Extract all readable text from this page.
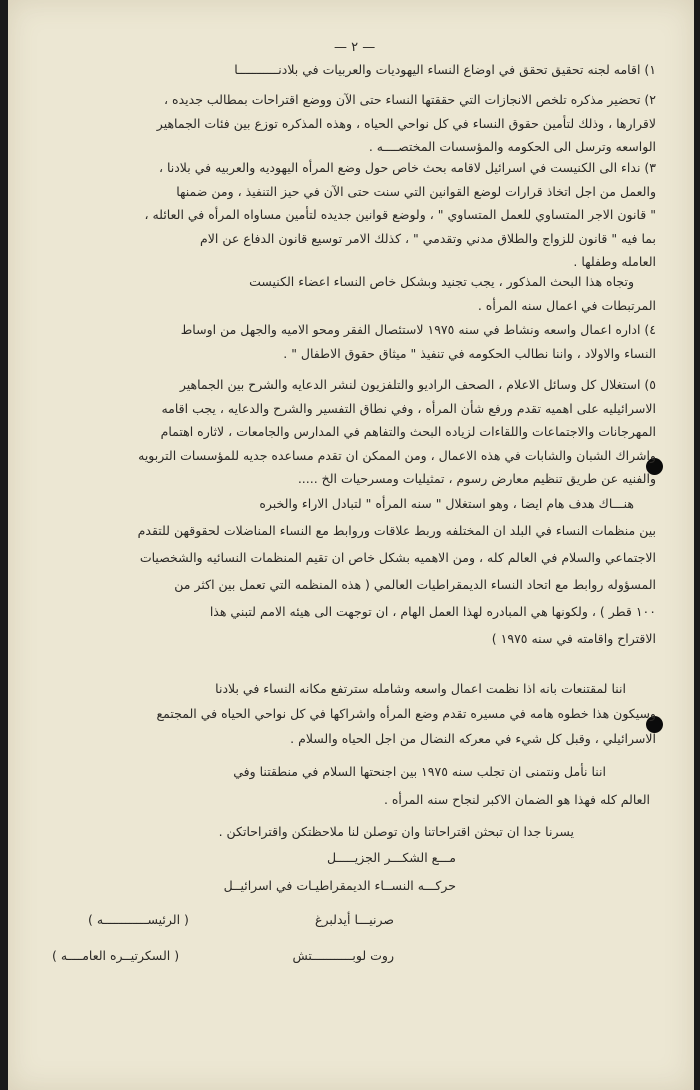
— ٢ —
١) اقامه لجنه تحقيق تحقق في اوضاع النساء اليهوديات والعربيات في بلادنـــــــــــا
٢) تحضير مذكره تلخص الانجازات التي حققتها النساء حتى الآن ووضع اقتراحات بمطالب جديده ،
لاقرارها ، وذلك لتأمين حقوق النساء في كل نواحي الحياه ، وهذه المذكره توزع بين فئات الجماهير
الواسعه وترسل الى الحكومه والمؤسسات المختصــــه .
٣) نداء الى الكنيست في اسرائيل لاقامه بحث خاص حول وضع المرأه اليهوديه والعربيه في بلادنا ،
والعمل من اجل اتخاذ قرارات لوضع القوانين التي سنت حتى الآن في حيز التنفيذ ، ومن ضمنها
" قانون الاجر المتساوي للعمل المتساوي " ، ولوضع قوانين جديده لتأمين مساواه المرأه في العائله ،
بما فيه " قانون للزواج والطلاق مدني وتقدمي " ، كذلك الامر توسيع قانون الدفاع عن الام
العامله وطفلها .
وتجاه هذا البحث المذكور ، يجب تجنيد وبشكل خاص النساء اعضاء الكنيست
المرتبطات في اعمال سنه المرأه .
٤) اداره اعمال واسعه ونشاط في سنه ١٩٧٥ لاستئصال الفقر ومحو الاميه والجهل من اوساط
النساء والاولاد ، واننا نطالب الحكومه في تنفيذ " ميثاق حقوق الاطفال " .
٥) استغلال كل وسائل الاعلام ، الصحف الراديو والتلفزيون لنشر الدعايه والشرح بين الجماهير
الاسرائيليه على اهميه تقدم ورفع شأن المرأه ، وفي نطاق التفسير والشرح والدعايه ، يجب اقامه
المهرجانات والاجتماعات واللقاءات لزياده البحث والتفاهم في المدارس والجامعات ، لاثاره اهتمام
واشراك الشبان والشابات في هذه الاعمال ، ومن الممكن ان تقدم مساعده جديه للمؤسسات التربويه
والفنيه عن طريق تنظيم معارض رسوم ، تمثيليات ومسرحيات الخ .....
هنـــاك هدف هام ايضا ، وهو استغلال " سنه المرأه " لتبادل الاراء والخبره
بين منظمات النساء في البلد ان المختلفه وربط علاقات وروابط مع النساء المناضلات لحقوقهن للتقدم
الاجتماعي والسلام في العالم كله ، ومن الاهميه بشكل خاص ان تقيم المنظمات النسائيه والشخصيات
المسؤوله روابط مع اتحاد النساء الديمقراطيات العالمي ( هذه المنظمه التي تعمل بين اكثر من
١٠٠ قطر ) ، ولكونها هي المبادره لهذا العمل الهام ، ان توجهت الى هيئه الامم لتبني هذا
الاقتراح واقامته في سنه ١٩٧٥ )
اننا لمقتنعات بانه اذا نظمت اعمال واسعه وشامله سترتفع مكانه النساء في بلادنا
وسيكون هذا خطوه هامه في مسيره تقدم وضع المرأه واشراكها في كل نواحي الحياه في المجتمع
الاسرائيلي ، وقبل كل شيء في معركه النضال من اجل الحياه والسلام .
اننا نأمل ونتمنى ان تجلب سنه ١٩٧٥ بين اجنحتها السلام في منطقتنا وفي
العالم كله فهذا هو الضمان الاكبر لنجاح سنه المرأه .
يسرنا جدا ان تبحثن اقتراحاتنا وان توصلن لنا ملاحظتكن واقتراحاتكن .
مـــع الشكـــر الجزيـــــل
حركـــه النســاء الديمقراطيـات في اسرائيــل
صرنيـــا أيدلبرغ
( الرئيســــــــــــه )
روت لوبـــــــــــتش
( السكرتيــره العامــــه )
